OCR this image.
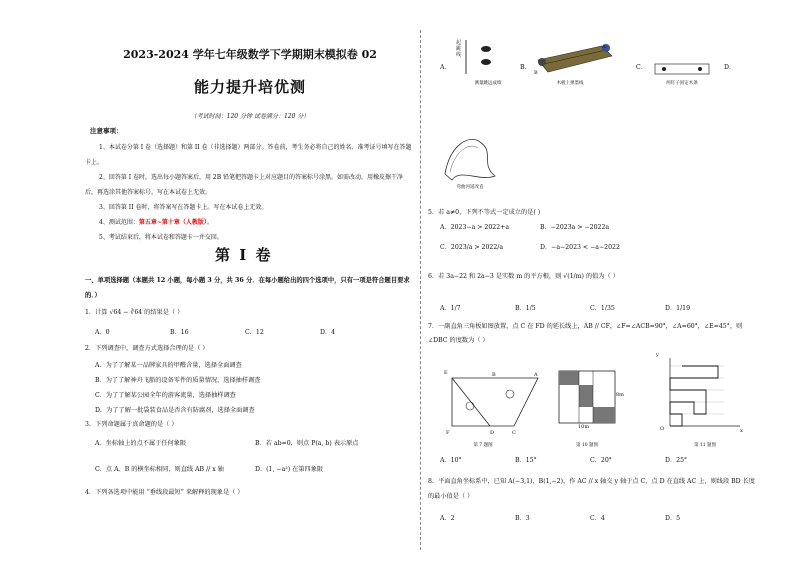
2023-2024 学年七年级数学下学期期末模拟卷 02
能力提升培优测
（考试时间：120 分钟 试卷满分：120 分）
注意事项：

1、本试卷分第 I 卷（选择题）和第 II 卷（非选择题）两部分。答卷前，考生务必将自己的姓名、准考证号填写在答题卡上。

2、回答第 I 卷时，选出每小题答案后，用 2B 铅笔把答题卡上对应题目的答案标号涂黑。如需改动，用橡皮擦干净后，再选涂其他答案标号。写在本试卷上无效。

3、回答第 II 卷时，将答案写在答题卡上。写在本试卷上无效。

4、测试范围：第五章~第十章（人教版）。

5、考试结束后，将本试卷和答题卡一并交回。

第 I 卷
一、单项选择题（本题共 12 小题，每小题 3 分，共 36 分．在每小题给出的四个选项中，只有一项是符合题目要求的．）
1．计算 √64 − ∛64 的结果是（ ）
A．0	B．16	C．12	D．4
2．下列调查中，调查方式选择合理的是（ ）

A．为了了解某一品牌家具的甲醛含量，选择全面调查

B．为了了解神舟飞船的设备零件的质量情况，选择抽样调查

C．为了了解某公园全年的游客流量，选择抽样调查

D．为了了解一批袋装食品是否含有防腐剂，选择全面调查

3．下列命题属于真命题的是（ ）
A．坐标轴上的点不属于任何象限	B．若 ab=0，则点 P(a, b) 表示原点
C．点 A、B 的横坐标相同，则直线 AB // x 轴	D．(1, −a²) 在第四象限
4．下列各选项中能用 “垂线段最短” 来解释的现象是（ ）
A．
起跳线
测量跳远成绩
B．
A
B
木板上弹墨线
C．
两钉子固定木条
D．
弯曲河道改直
5．若 a≠0，下列不等式一定成立的是( )
A．2023−a > 2022+a	B．−2023a > −2022a
C．2023/a > 2022/a	D．−a−2023 < −a−2022
6．若 3a−22 和 2a−3 是实数 m 的平方根，则 √(1/m) 的值为（ ）
A．1/7	B．1/5	C．1/35	D．1/19
7．一副直角三角板如图放置，点 C 在 FD 的延长线上，AB // CF，∠F=∠ACB=90°，∠A=60°，∠E=45°，则 ∠DBC 的度数为（ ）
E	B	A
F	D	C
第 7 题图
10m
8m
第 10 题图
y
x
O
第 11 题图
A．10°	B．15°	C．20°	D．25°
8．平面直角坐标系中，已知 A(−3,1)，B(1,−2)，作 AC // x 轴交 y 轴于点 C，点 D 在直线 AC 上，则线段 BD 长度的最小值是（ ）
A．2	B．3	C．4	D．5
